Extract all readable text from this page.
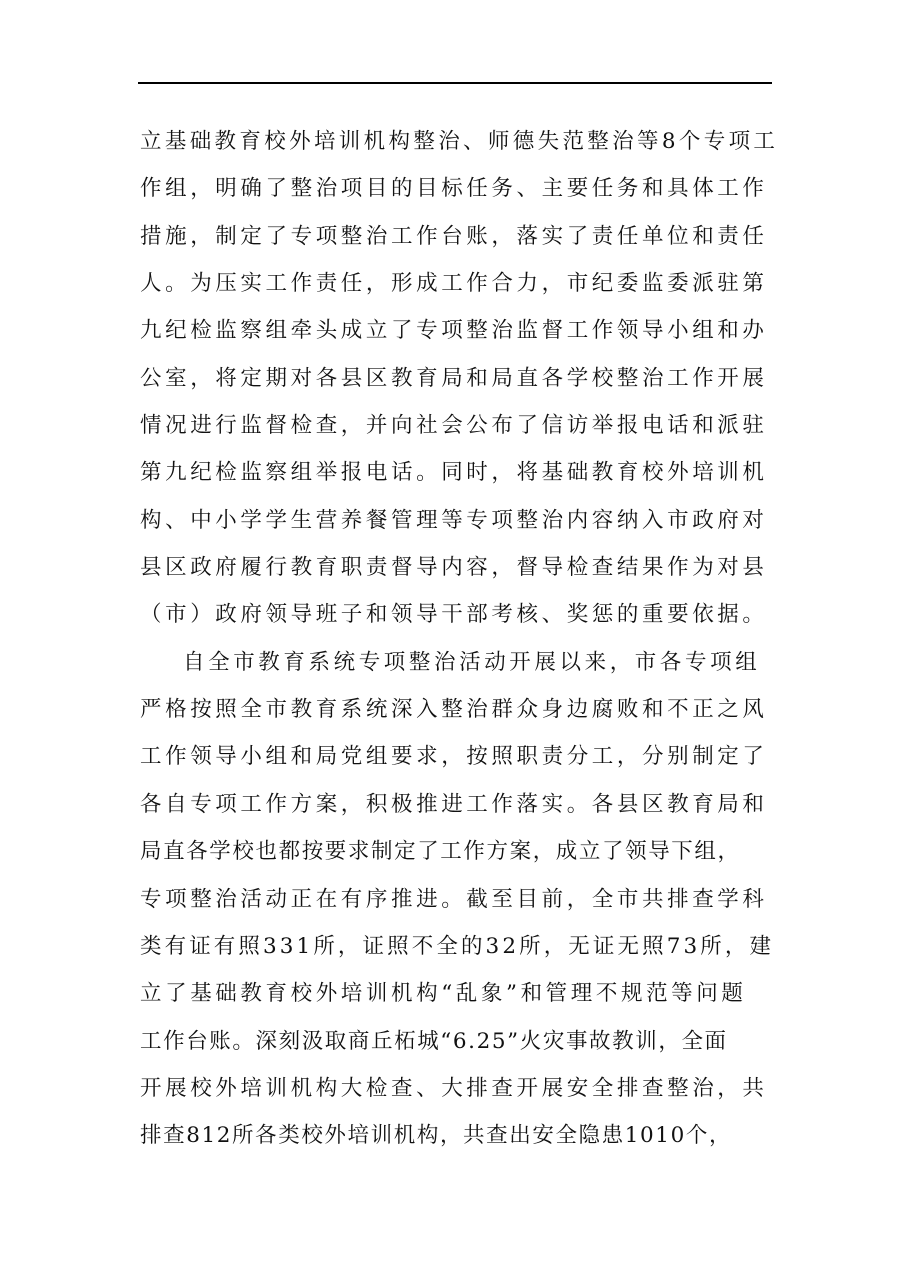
立基础教育校外培训机构整治、师德失范整治等8个专项工
作组，明确了整治项目的目标任务、主要任务和具体工作
措施，制定了专项整治工作台账，落实了责任单位和责任
人。为压实工作责任，形成工作合力，市纪委监委派驻第
九纪检监察组牵头成立了专项整治监督工作领导小组和办
公室，将定期对各县区教育局和局直各学校整治工作开展
情况进行监督检查，并向社会公布了信访举报电话和派驻
第九纪检监察组举报电话。同时，将基础教育校外培训机
构、中小学学生营养餐管理等专项整治内容纳入市政府对
县区政府履行教育职责督导内容，督导检查结果作为对县
（市）政府领导班子和领导干部考核、奖惩的重要依据。
自全市教育系统专项整治活动开展以来，市各专项组
严格按照全市教育系统深入整治群众身边腐败和不正之风
工作领导小组和局党组要求，按照职责分工，分别制定了
各自专项工作方案，积极推进工作落实。各县区教育局和
局直各学校也都按要求制定了工作方案，成立了领导下组，
专项整治活动正在有序推进。截至目前，全市共排查学科
类有证有照331所，证照不全的32所，无证无照73所，建
立了基础教育校外培训机构“乱象”和管理不规范等问题
工作台账。深刻汲取商丘柘城“6.25”火灾事故教训，全面
开展校外培训机构大检查、大排查开展安全排查整治，共
排查812所各类校外培训机构，共查出安全隐患1010个，
